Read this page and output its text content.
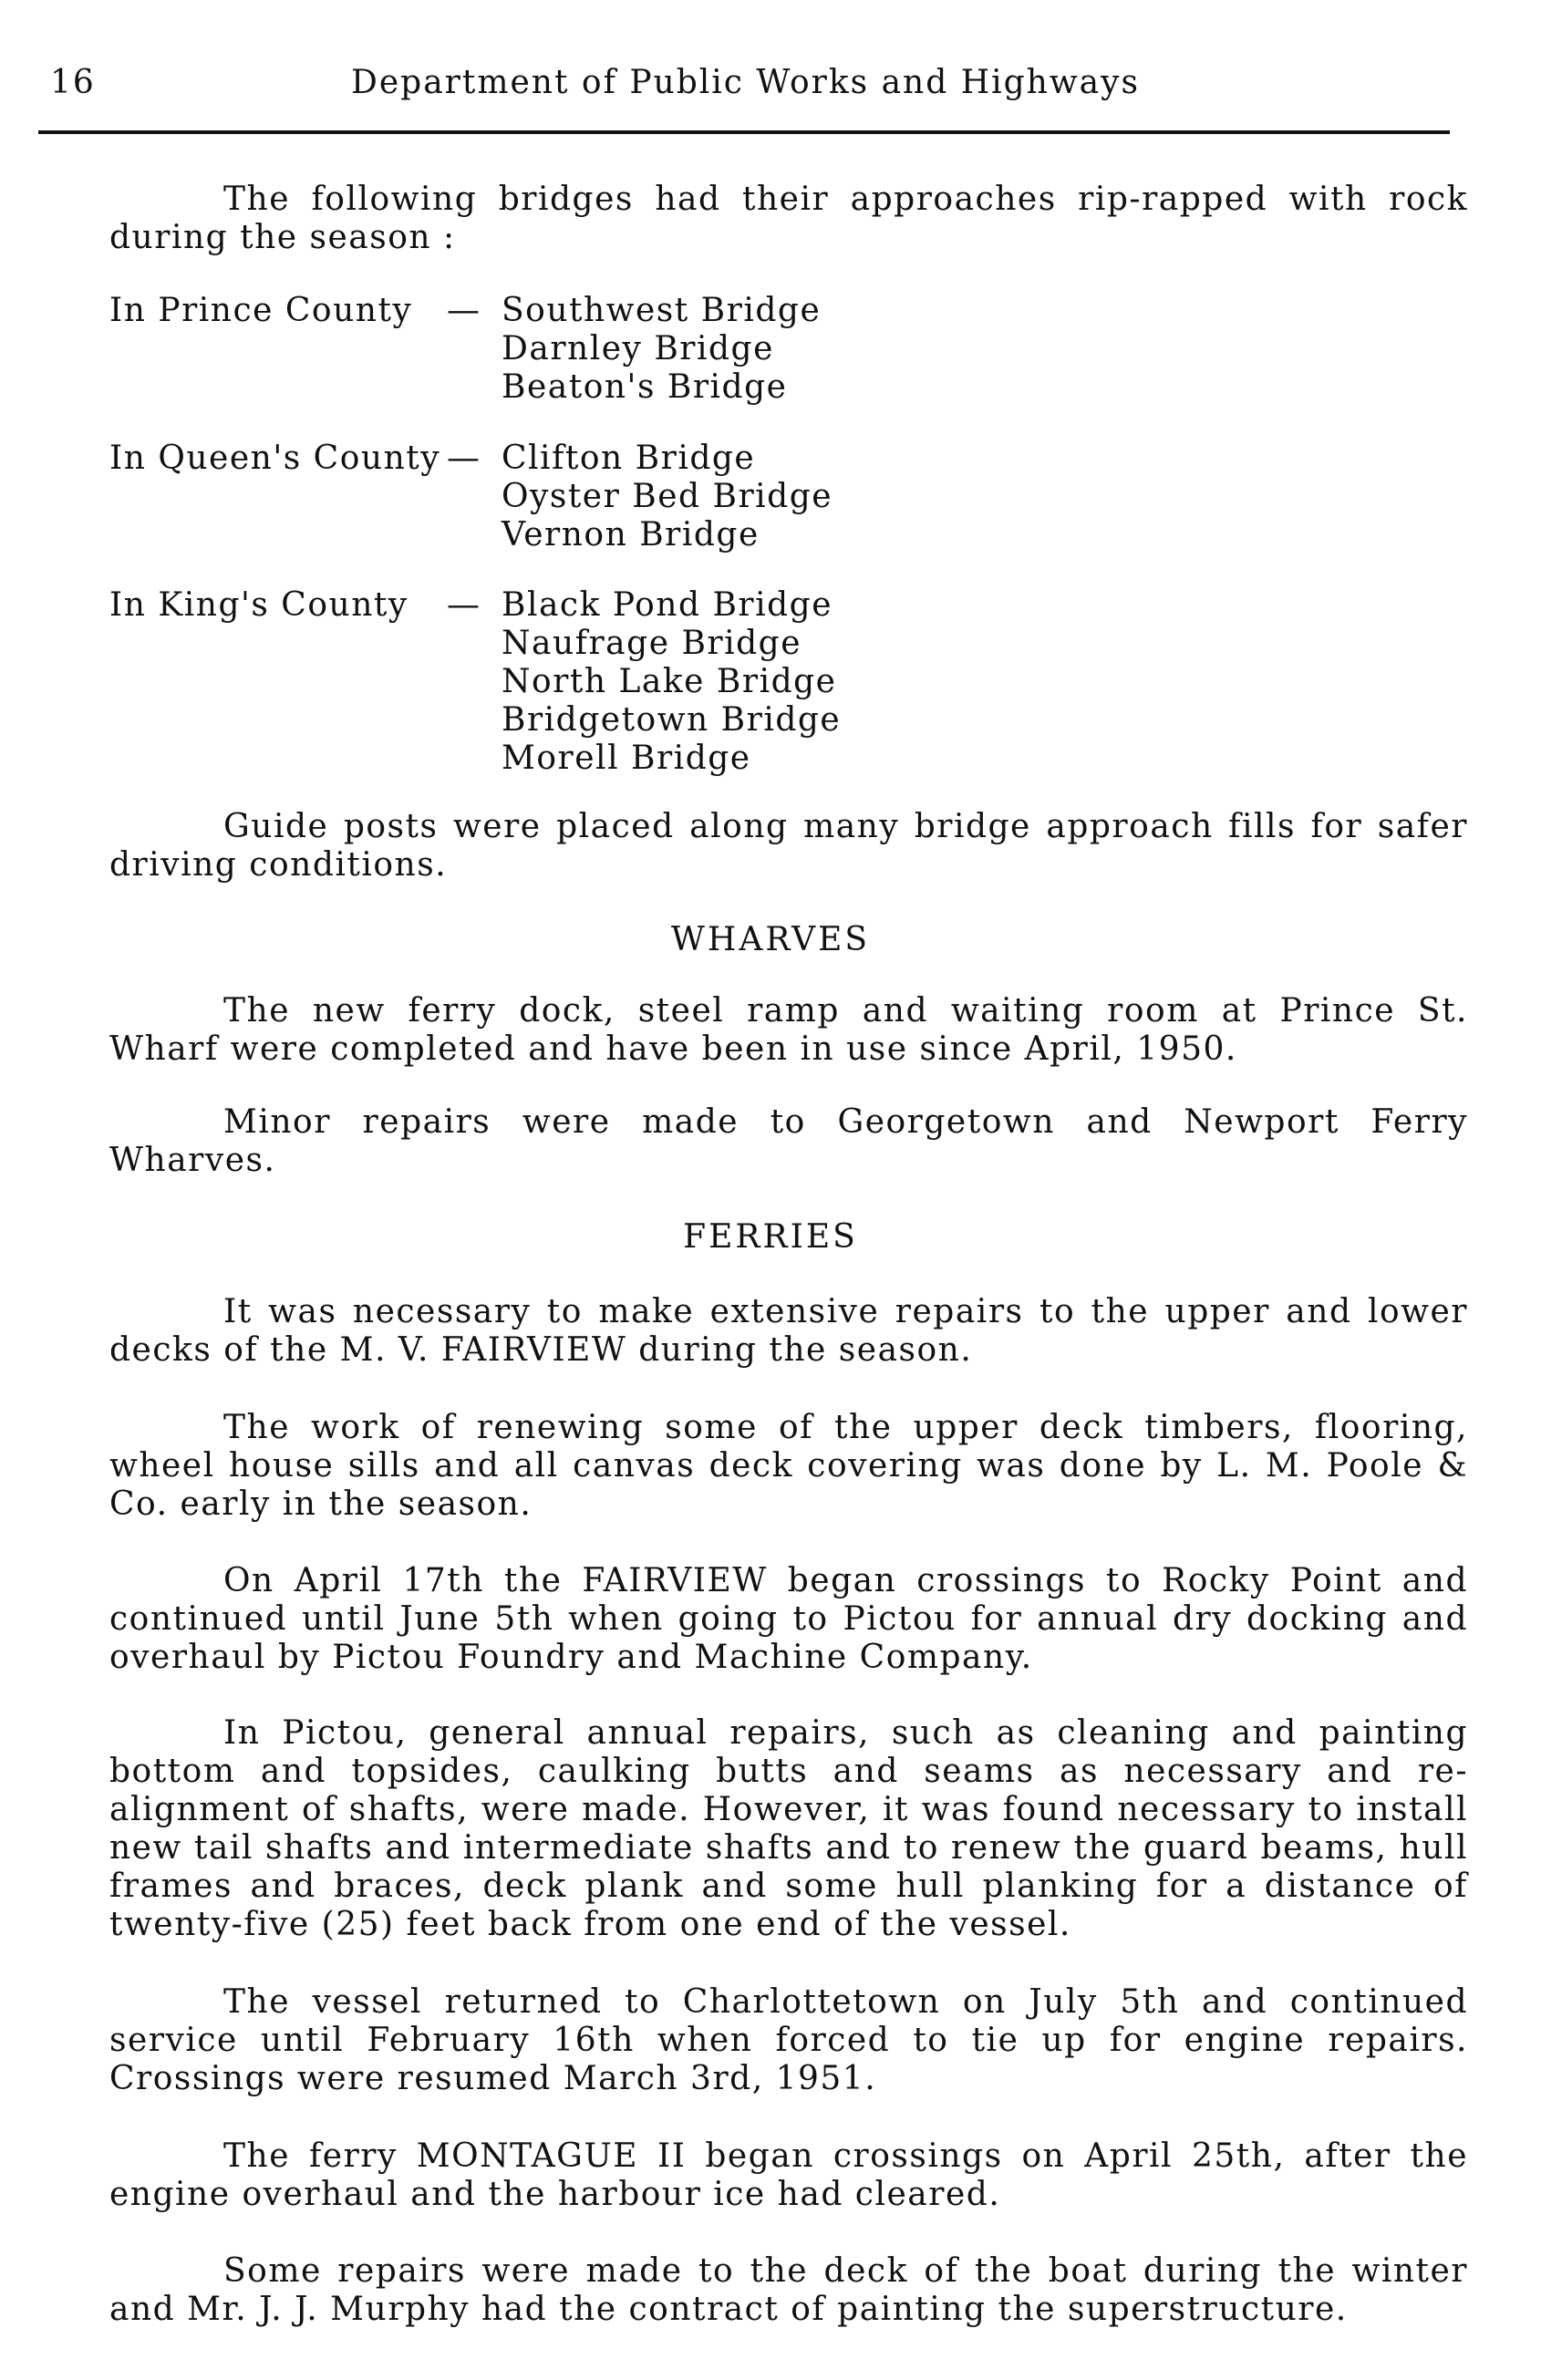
16	Department of Public Works and Highways

The following bridges had their approaches rip-rapped with rock during the season :

In Prince County — Southwest Bridge
Darnley Bridge
Beaton's Bridge
In Queen's County — Clifton Bridge
Oyster Bed Bridge
Vernon Bridge
In King's County — Black Pond Bridge
Naufrage Bridge
North Lake Bridge
Bridgetown Bridge
Morell Bridge

Guide posts were placed along many bridge approach fills for safer driving conditions.

WHARVES

The new ferry dock, steel ramp and waiting room at Prince St. Wharf were completed and have been in use since April, 1950.

Minor repairs were made to Georgetown and Newport Ferry Wharves.

FERRIES

It was necessary to make extensive repairs to the upper and lower decks of the M. V. FAIRVIEW during the season.

The work of renewing some of the upper deck timbers, flooring, wheel house sills and all canvas deck covering was done by L. M. Poole & Co. early in the season.

On April 17th the FAIRVIEW began crossings to Rocky Point and continued until June 5th when going to Pictou for annual dry docking and overhaul by Pictou Foundry and Machine Company.

In Pictou, general annual repairs, such as cleaning and painting bottom and topsides, caulking butts and seams as necessary and re-alignment of shafts, were made. However, it was found necessary to install new tail shafts and intermediate shafts and to renew the guard beams, hull frames and braces, deck plank and some hull planking for a distance of twenty-five (25) feet back from one end of the vessel.

The vessel returned to Charlottetown on July 5th and continued service until February 16th when forced to tie up for engine repairs. Crossings were resumed March 3rd, 1951.

The ferry MONTAGUE II began crossings on April 25th, after the engine overhaul and the harbour ice had cleared.

Some repairs were made to the deck of the boat during the winter and Mr. J. J. Murphy had the contract of painting the superstructure.
